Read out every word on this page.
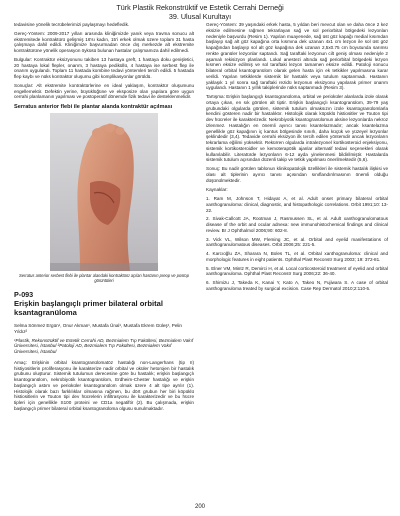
Türk Plastik Rekonstrüktif ve Estetik Cerrahi Derneği
39. Ulusal Kurultayı

tedavisine yönelik tecrübelerimizi paylaşmayı hedefledik.

Gereç-Yöntem: 2009-2017 yılları arasında kliniğimizde yanık veya travma sonucu alt ekstremitede kontraktürü gelişmiş 16'sı kadın, 15'i erkek olmak üzere toplam 31 hasta çalışmaya dahil edildi. Kliniğimize başvurmadan önce dış merkezde alt ekstremite kontraktürüne yönelik operasyon öyküsü bulunan hastalar çalışmamıza dahil edilmedi.

Bulgular: Kontraktür eksizyonunu takiben 13 hastaya greft, 1 hastaya doku genişletici, 20 hastaya lokal flepler, onarım, 3 hastaya pediküllü, 4 hastaya ise serbest flep ile onarım uygulandı. Toplam 11 hastada kombine tedavi yöntemleri tercih edildi. 5 hastada flep kaybı ve nüks kontraktür oluşumu gibi komplikasyonlar görüldü.

Sonuçlar: Alt ekstremite kontraktürlerine en ideal yaklaşım, kontraktür oluşumunu engellemektir. Defektin yerine, büyüklüğüne ve eksposize olan yapılara göre uygun cerrahi planlamanın yapılması ve postoperatif dönemde fizik tedavi ile desteklenmelidir.

Serratus anterior flebi ile plantar alanda kontraktür açılması
Serratus anterior serbest flebi ile plantar alandaki kontraktürü açılan hastanın preop ve postop görüntüleri
P-093
Erişkin başlangıçlı primer bilateral orbital ksantagranüloma
Selma Sönmez Ergün¹, Onur Akman¹, Mustafa Ünal¹, Mustafa Ekrem Güleş¹, Pelin Yıldız²
¹Plastik, Rekonstrüktif ve Estetik Cerrahi AD, Bezmialem Tıp Fakültesi, Bezmialem Vakıf Üniversitesi, İstanbul ²Patoloji AD, Bezmialem Tıp Fakültesi, Bezmialem Vakıf Üniversitesi, İstanbul

Amaç: Erişkinin orbital ksantogranülomatöz hastalığı non-Langerhans (tip II) histiyositlerin proliferasyonu ile karakterize nadir orbital ve oküler hetorojen bir hastalık grubunu oluşturur. Sistemik tutulumun derecesine göre bu hastalık; erişkin başlangıçlı ksantogranülom, nekrobiyotik ksantogranülom, Erdheim-Chester hastalığı ve erişkin başlangıçlı astım ve perioküler ksantogranülom olmak üzere 4 alt tipe ayrılır (1). Histolojik olarak bazı farklılıklar olmasına rağmen, bu dört grubun her biri köpüklü histiositlerin ve Touton tipi dev hücrelerin infiltrasyonu ile karakterizedir ve bu hücre tipleri için genellikle S100 proteini ve CD1a negatiftir (2). Bu çalışmada, erişkin başlangıçlı primer bilateral orbital ksantogranüloma olgusu sunulmaktadır.

Gereç-Yöntem: 39 yaşındaki erkek hasta, 5 yıldan beri mevcut olan ve daha önce 2 kez eksizie edilmesine rağmen tekrarlayan sağ ve sol periorbital bölgedeki lezyonları nedeniyle başvurdu (Resim 1). Yapılan muayenede, sağ üst göz kapağı medial kısımdan başlayıp sağ alt göz kapağına orta kısmına dek uzanan 4x1 cm lezyon ile sol üst göz kapağından başlayıp sol alt göz kapağına dek uzanan 2,5x0.75 cm boyutunda sarımsı renkte granüler lezyonlar saptandı. Sağ taraftaki lezyonun cilt geniş olması nedeniyle 2 aşamalı rekisizyon planlandı. Lokal anestezi altında sağ periorbital bölgedeki lezyon kısmen eksize edilmiş ve sol taraftaki lezyon tamamen eksize edildi. Patoloji sonucu bilateral orbital ksantogranülom olarak gelen hasta için ek tetkikler yapılmasına karar verildi. Yapılan tetkiklerde sistemik bir hastalık veya tutulum saptanmadı. Hastanın yaklaşık 1 yıl sonra sağ taraftaki rezidü lezyonun eksizyonu yapılarak primer onarım uygulandı. Hastanın 1 yıllık takiplerinde nüks saptanmadı (Resim 3).

Tartışma: Erişkin başlangıçlı ksantogranüloma, orbital ve perioküler alanlarda izole olarak ortaya çıkan, en sık görülen alt tiptir. Erişkin başlangıçlı ksantogranülom, 39-79 yaş grubundaki olgularda görülen, sistemik tutulum olmaksızın izole ksantogranülomlarla kendini gösteren nadir bir hastalıktır. Histolojik olarak köpüklü histiositler ve Touton tipi dev hücreler ile karakterizedir. Nekrobiyotik ksantogranülomun aksine lezyonlarda nekroz izlenmez. Hastalığın en önemli ayırıcı tanısı ksantelazmadır; ancak ksantelazma genellikle göz kapağının iç kantus bölgesinde sınırlı, daha küçük ve yüzeyel lezyonlar şeklindedir (3,4). Tedavide cerrahi eksizyon ilk tercih edilen yöntemdir ancak lezyonların tekrarlama eğilimi yüksektir. Rekürren olgularda intralezyonel kortikosteroid enjeksiyonu, sistemik kortikosteroidler ve kemoterapötik ajanlar alternatif tedavi seçenekleri olarak kullanılabilir. Literatürde lezyonların 6-12 ayda yinelenmesi bildirilmiştir. Hastalarda sistemik tutulum açısından düzenli takip ve tetkik yapılması önerilmektedir (5,6).

Sonuç: Bu nadir görülen tablonun klinikopatolojik özellikleri ile sistemik hastalık ilişkisi ve olası alt tiplerinin ayırıcı tanısı açısından sınıflandırılmasının önemli olduğu düşünülmektedir.

Kaynaklar:

1. Ram M, Johnson T, Hidayat A, et al. Adult onset primary bilateral orbital xanthogranuloma: clinical, diagnostic, and histopathologic correlations. Orbit 1991;10: 13-22.

2. Sivak-Callcott JA, Rootman J, Rasmussen SL, et al. Adult xanthogranulomatous disease of the orbit and ocular adnexa: new immunohistochemical findings and clinical review. Br J Ophthalmol 2006;90: 602-8.

3. Vick VL, Wilson MW, Fleming JC, et al. Orbital and eyelid manifestations of xanthogranulomatous diseases. Orbit 2006;25: 221-5.

4. Karcıoğlu ZA, Sharara N, Boles TL, et al. Orbital xanthogranuloma: clinical and morphologic features in eight patients. Ophthal Plast Reconstr Surg 2003; 19: 372-81.

5. Elner VM, Mintz R, Demirci H, et al. Local corticosteroid treatment of eyelid and orbital xanthogranuloma. Ophthal Plast Reconstr Surg 2006;22: 36-40.

6. Shimizu J, Takeda K, Kanai Y, Kato A, Takeo N, Fujiwara S. A case of orbital xanthogranuloma treated by surgical excision. Case Rep Dermatol 2010;2:110-5.

200
